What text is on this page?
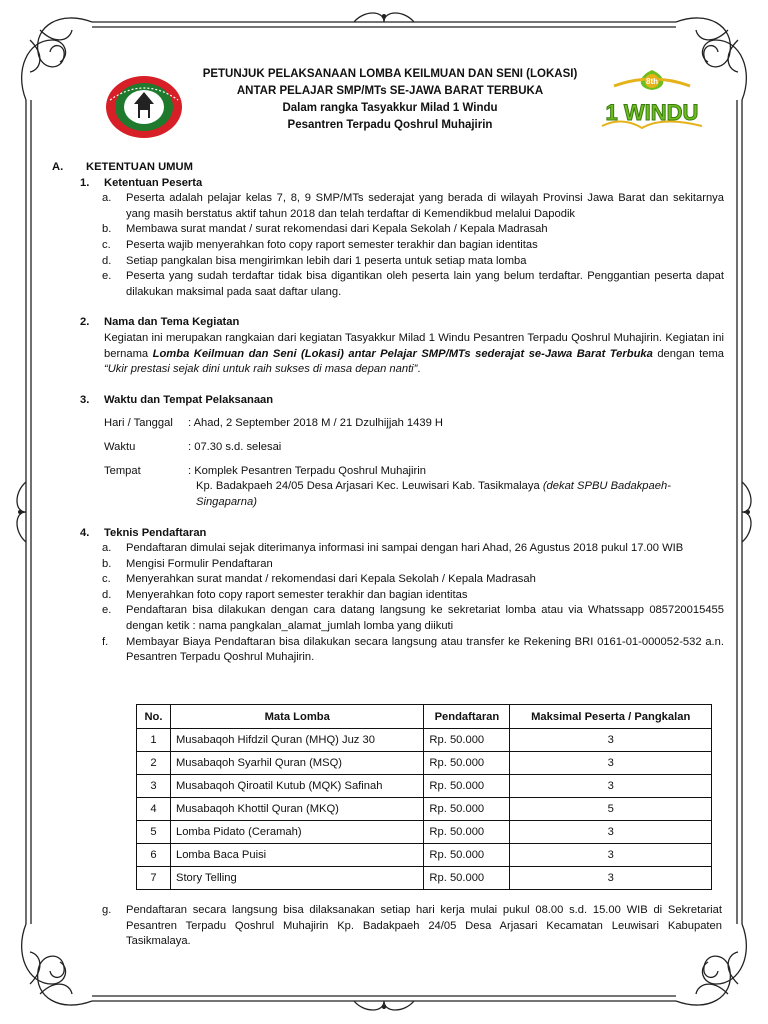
8th
1 WINDU
PETUNJUK PELAKSANAAN LOMBA KEILMUAN DAN SENI (LOKASI)
ANTAR PELAJAR SMP/MTs SE-JAWA BARAT TERBUKA
Dalam rangka Tasyakkur Milad 1 Windu
Pesantren Terpadu Qoshrul Muhajirin
A. KETENTUAN UMUM
1. Ketentuan Peserta
a. Peserta adalah pelajar kelas 7, 8, 9 SMP/MTs sederajat yang berada di wilayah Provinsi Jawa Barat dan sekitarnya yang masih berstatus aktif tahun 2018 dan telah terdaftar di Kemendikbud melalui Dapodik
b. Membawa surat mandat / surat rekomendasi dari Kepala Sekolah / Kepala Madrasah
c. Peserta wajib menyerahkan foto copy raport semester terakhir dan bagian identitas
d. Setiap pangkalan bisa mengirimkan lebih dari 1 peserta untuk setiap mata lomba
e. Peserta yang sudah terdaftar tidak bisa digantikan oleh peserta lain yang belum terdaftar. Penggantian peserta dapat dilakukan maksimal pada saat daftar ulang.
2. Nama dan Tema Kegiatan
Kegiatan ini merupakan rangkaian dari kegiatan Tasyakkur Milad 1 Windu Pesantren Terpadu Qoshrul Muhajirin. Kegiatan ini bernama Lomba Keilmuan dan Seni (Lokasi) antar Pelajar SMP/MTs sederajat se-Jawa Barat Terbuka dengan tema “Ukir prestasi sejak dini untuk raih sukses di masa depan nanti”.
3. Waktu dan Tempat Pelaksanaan
Hari / Tanggal : Ahad, 2 September 2018 M / 21 Dzulhijjah 1439 H
Waktu	: 07.30 s.d. selesai
Tempat	: Komplek Pesantren Terpadu Qoshrul Muhajirin
Kp. Badakpaeh 24/05 Desa Arjasari Kec. Leuwisari Kab. Tasikmalaya (dekat SPBU Badakpaeh-Singaparna)
4. Teknis Pendaftaran
a. Pendaftaran dimulai sejak diterimanya informasi ini sampai dengan hari Ahad, 26 Agustus 2018 pukul 17.00 WIB
b. Mengisi Formulir Pendaftaran
c. Menyerahkan surat mandat / rekomendasi dari Kepala Sekolah / Kepala Madrasah
d. Menyerahkan foto copy raport semester terakhir dan bagian identitas
e. Pendaftaran bisa dilakukan dengan cara datang langsung ke sekretariat lomba atau via Whatssapp 085720015455 dengan ketik : nama pangkalan_alamat_jumlah lomba yang diikuti
f. Membayar Biaya Pendaftaran bisa dilakukan secara langsung atau transfer ke Rekening BRI 0161-01-000052-532 a.n. Pesantren Terpadu Qoshrul Muhajirin.
No.	Mata Lomba	Pendaftaran	Maksimal Peserta / Pangkalan
1	Musabaqoh Hifdzil Quran (MHQ) Juz 30	Rp. 50.000	3
2	Musabaqoh Syarhil Quran (MSQ)	Rp. 50.000	3
3	Musabaqoh Qiroatil Kutub (MQK) Safinah	Rp. 50.000	3
4	Musabaqoh Khottil Quran (MKQ)	Rp. 50.000	5
5	Lomba Pidato (Ceramah)	Rp. 50.000	3
6	Lomba Baca Puisi	Rp. 50.000	3
7	Story Telling	Rp. 50.000	3
g. Pendaftaran secara langsung bisa dilaksanakan setiap hari kerja mulai pukul 08.00 s.d. 15.00 WIB di Sekretariat Pesantren Terpadu Qoshrul Muhajirin Kp. Badakpaeh 24/05 Desa Arjasari Kecamatan Leuwisari Kabupaten Tasikmalaya.
